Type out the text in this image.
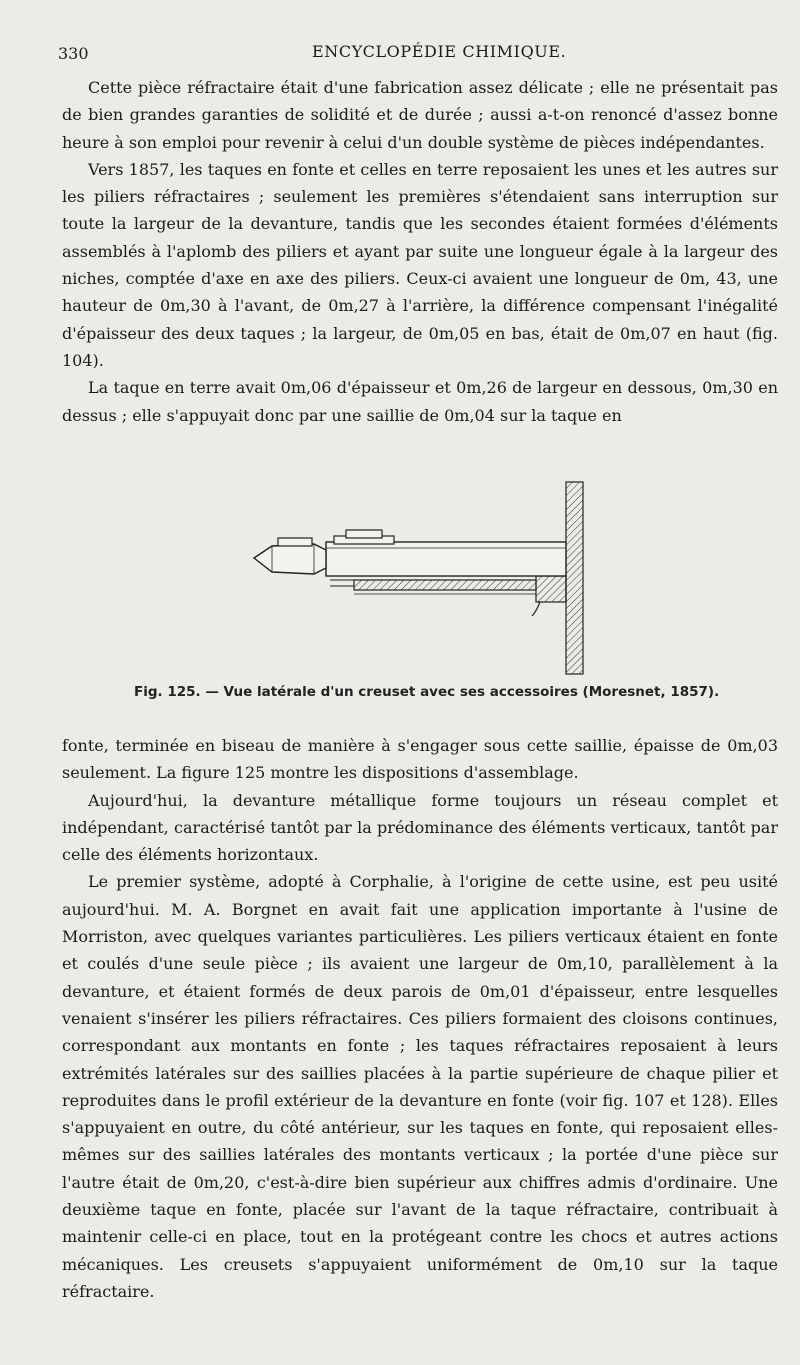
330	ENCYCLOPÉDIE CHIMIQUE.

Cette pièce réfractaire était d'une fabrication assez délicate ; elle ne présentait pas de bien grandes garanties de solidité et de durée ; aussi a-t-on renoncé d'assez bonne heure à son emploi pour revenir à celui d'un double système de pièces indépendantes.

Vers 1857, les taques en fonte et celles en terre reposaient les unes et les autres sur les piliers réfractaires ; seulement les premières s'étendaient sans interruption sur toute la largeur de la devanture, tandis que les secondes étaient formées d'éléments assemblés à l'aplomb des piliers et ayant par suite une longueur égale à la largeur des niches, comptée d'axe en axe des piliers. Ceux-ci avaient une longueur de 0m, 43, une hauteur de 0m,30 à l'avant, de 0m,27 à l'arrière, la différence compensant l'inégalité d'épaisseur des deux taques ; la largeur, de 0m,05 en bas, était de 0m,07 en haut (fig. 104).

La taque en terre avait 0m,06 d'épaisseur et 0m,26 de largeur en dessous, 0m,30 en dessus ; elle s'appuyait donc par une saillie de 0m,04 sur la taque en

Fig. 125. — Vue latérale d'un creuset avec ses accessoires (Moresnet, 1857).

fonte, terminée en biseau de manière à s'engager sous cette saillie, épaisse de 0m,03 seulement. La figure 125 montre les dispositions d'assemblage.

Aujourd'hui, la devanture métallique forme toujours un réseau complet et indépendant, caractérisé tantôt par la prédominance des éléments verticaux, tantôt par celle des éléments horizontaux.

Le premier système, adopté à Corphalie, à l'origine de cette usine, est peu usité aujourd'hui. M. A. Borgnet en avait fait une application importante à l'usine de Morriston, avec quelques variantes particulières. Les piliers verticaux étaient en fonte et coulés d'une seule pièce ; ils avaient une largeur de 0m,10, parallèlement à la devanture, et étaient formés de deux parois de 0m,01 d'épaisseur, entre lesquelles venaient s'insérer les piliers réfractaires. Ces piliers formaient des cloisons continues, correspondant aux montants en fonte ; les taques réfractaires reposaient à leurs extrémités latérales sur des saillies placées à la partie supérieure de chaque pilier et reproduites dans le profil extérieur de la devanture en fonte (voir fig. 107 et 128). Elles s'appuyaient en outre, du côté antérieur, sur les taques en fonte, qui reposaient elles-mêmes sur des saillies latérales des montants verticaux ; la portée d'une pièce sur l'autre était de 0m,20, c'est-à-dire bien supérieur aux chiffres admis d'ordinaire. Une deuxième taque en fonte, placée sur l'avant de la taque réfractaire, contribuait à maintenir celle-ci en place, tout en la protégeant contre les chocs et autres actions mécaniques. Les creusets s'appuyaient uniformément de 0m,10 sur la taque réfractaire.
